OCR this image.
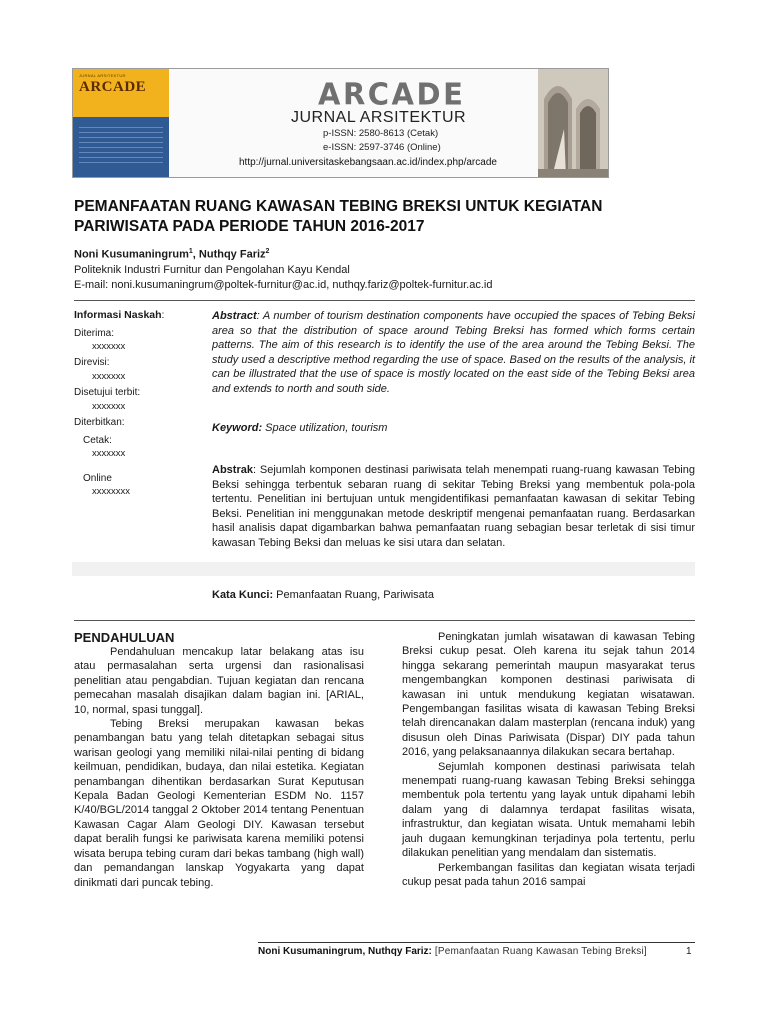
JURNAL ARSITEKTUR
ARCADE	ARCADE
JURNAL ARSITEKTUR
p-ISSN: 2580-8613 (Cetak)
e-ISSN: 2597-3746 (Online)
http://jurnal.universitaskebangsaan.ac.id/index.php/arcade
PEMANFAATAN RUANG KAWASAN TEBING BREKSI UNTUK KEGIATAN
PARIWISATA PADA PERIODE TAHUN 2016-2017
Noni Kusumaningrum$^1$, Nuthqy Fariz$^2$
Politeknik Industri Furnitur dan Pengolahan Kayu Kendal
E-mail: noni.kusumaningrum@poltek-furnitur@ac.id, nuthqy.fariz@poltek-furnitur.ac.id
Informasi Naskah:
Diterima:
xxxxxxx
Direvisi:
xxxxxxx
Disetujui terbit:
xxxxxxx
Diterbitkan:
Cetak:
xxxxxxx
Online
xxxxxxxx

Abstract: A number of tourism destination components have occupied the spaces of Tebing Beksi area so that the distribution of space around Tebing Breksi has formed which forms certain patterns. The aim of this research is to identify the use of the area around the Tebing Beksi. The study used a descriptive method regarding the use of space. Based on the results of the analysis, it can be illustrated that the use of space is mostly located on the east side of the Tebing Beksi area and extends to north and south side.

Keyword: Space utilization, tourism

Abstrak: Sejumlah komponen destinasi pariwisata telah menempati ruang-ruang kawasan Tebing Beksi sehingga terbentuk sebaran ruang di sekitar Tebing Breksi yang membentuk pola-pola tertentu. Penelitian ini bertujuan untuk mengidentifikasi pemanfaatan kawasan di sekitar Tebing Beksi. Penelitian ini menggunakan metode deskriptif mengenai pemanfaatan ruang. Berdasarkan hasil analisis dapat digambarkan bahwa pemanfaatan ruang sebagian besar terletak di sisi timur kawasan Tebing Beksi dan meluas ke sisi utara dan selatan.

Kata Kunci: Pemanfaatan Ruang, Pariwisata
PENDAHULUAN

Pendahuluan mencakup latar belakang atas isu atau permasalahan serta urgensi dan rasionalisasi penelitian atau pengabdian. Tujuan kegiatan dan rencana pemecahan masalah disajikan dalam bagian ini. [ARIAL, 10, normal, spasi tunggal].

Tebing Breksi merupakan kawasan bekas penambangan batu yang telah ditetapkan sebagai situs warisan geologi yang memiliki nilai-nilai penting di bidang keilmuan, pendidikan, budaya, dan nilai estetika. Kegiatan penambangan dihentikan berdasarkan Surat Keputusan Kepala Badan Geologi Kementerian ESDM No. 1157 K/40/BGL/2014 tanggal 2 Oktober 2014 tentang Penentuan Kawasan Cagar Alam Geologi DIY. Kawasan tersebut dapat beralih fungsi ke pariwisata karena memiliki potensi wisata berupa tebing curam dari bekas tambang (high wall) dan pemandangan lanskap Yogyakarta yang dapat dinikmati dari puncak tebing.

Peningkatan jumlah wisatawan di kawasan Tebing Breksi cukup pesat. Oleh karena itu sejak tahun 2014 hingga sekarang pemerintah maupun masyarakat terus mengembangkan komponen destinasi pariwisata di kawasan ini untuk mendukung kegiatan wisatawan. Pengembangan fasilitas wisata di kawasan Tebing Breksi telah direncanakan dalam masterplan (rencana induk) yang disusun oleh Dinas Pariwisata (Dispar) DIY pada tahun 2016, yang pelaksanaannya dilakukan secara bertahap.

Sejumlah komponen destinasi pariwisata telah menempati ruang-ruang kawasan Tebing Breksi sehingga membentuk pola tertentu yang layak untuk dipahami lebih dalam yang di dalamnya terdapat fasilitas wisata, infrastruktur, dan kegiatan wisata. Untuk memahami lebih jauh dugaan kemungkinan terjadinya pola tertentu, perlu dilakukan penelitian yang mendalam dan sistematis.

Perkembangan fasilitas dan kegiatan wisata terjadi cukup pesat pada tahun 2016 sampai

Noni Kusumaningrum, Nuthqy Fariz: [Pemanfaatan Ruang Kawasan Tebing Breksi]	1
